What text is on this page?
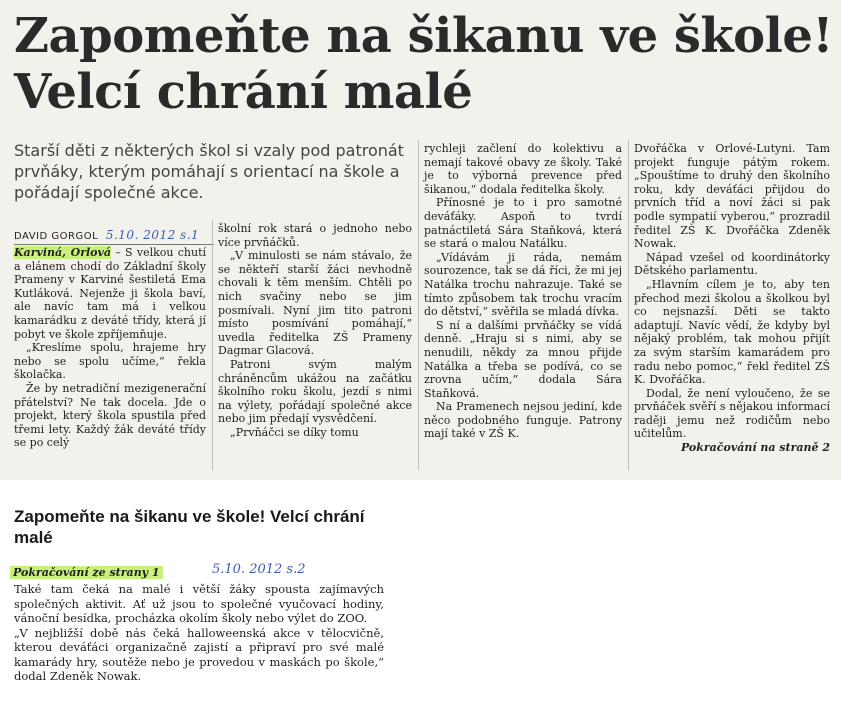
Zapomeňte na šikanu ve škole! Velcí chrání malé

Starší děti z některých škol si vzaly pod patronát prvňáky, kterým pomáhají s orientací na škole a pořádají společné akce.

DAVID GORGOL 5.10. 2012 s.1

Karviná, Orlová – S velkou chutí a elánem chodí do Základní školy Prameny v Karviné šestiletá Ema Kutláková. Nejenže ji škola baví, ale navíc tam má i velkou kamarádku z deváté třídy, která jí pobyt ve škole zpříjemňuje.

„Kreslíme spolu, hrajeme hry nebo se spolu učíme,“ řekla školačka.

Že by netradiční mezigenerační přátelství? Ne tak docela. Jde o projekt, který škola spustila před třemi lety. Každý žák deváté třídy se po celý

školní rok stará o jednoho nebo více prvňáčků.

„V minulosti se nám stávalo, že se někteří starší žáci nevhodně chovali k těm menším. Chtěli po nich svačiny nebo se jim posmívali. Nyní jim tito patroni místo posmívání pomáhají,“ uvedla ředitelka ZŠ Prameny Dagmar Glacová.

Patroni svým malým chráněncům ukážou na začátku školního roku školu, jezdí s nimi na výlety, pořádají společné akce nebo jim předají vysvědčení.

„Prvňáčci se díky tomu

rychleji začlení do kolektivu a nemají takové obavy ze školy. Také je to výborná prevence před šikanou,“ dodala ředitelka školy.

Přínosné je to i pro samotné deváťáky. Aspoň to tvrdí patnáctiletá Sára Staňková, která se stará o malou Natálku.

„Vídávám ji ráda, nemám sourozence, tak se dá říci, že mi jej Natálka trochu nahrazuje. Také se tímto způsobem tak trochu vracím do dětství,“ svěřila se mladá dívka.

S ní a dalšími prvňáčky se vídá denně. „Hraju si s nimi, aby se nenudili, někdy za mnou přijde Natálka a třeba se podívá, co se zrovna učím,“ dodala Sára Staňková.

Na Pramenech nejsou jediní, kde něco podobného funguje. Patrony mají také v ZŠ K.

Dvořáčka v Orlové-Lutyni. Tam projekt funguje pátým rokem. „Spouštíme to druhý den školního roku, kdy deváťáci přijdou do prvních tříd a noví žáci si pak podle sympatií vyberou,“ prozradil ředitel ZŠ K. Dvořáčka Zdeněk Nowak.

Nápad vzešel od koordinátorky Dětského parlamentu.

„Hlavním cílem je to, aby ten přechod mezi školou a školkou byl co nejsnazší. Děti se takto adaptují. Navíc vědí, že kdyby byl nějaký problém, tak mohou přijít za svým starším kamarádem pro radu nebo pomoc,“ řekl ředitel ZŠ K. Dvořáčka.

Dodal, že není vyloučeno, že se prvňáček svěří s nějakou informací raději jemu než rodičům nebo učitelům.

Pokračování na straně 2
Zapomeňte na šikanu ve škole! Velcí chrání malé
Pokračování ze strany 1	5.10. 2012 s.2

Také tam čeká na malé i větší žáky spousta zajímavých společných aktivit. Ať už jsou to společné vyučovací hodiny, vánoční besídka, procházka okolím školy nebo výlet do ZOO.

„V nejbližší době nás čeká halloweenská akce v tělocvičně, kterou deváťáci organizačně zajistí a připraví pro své malé kamarády hry, soutěže nebo je provedou v maskách po škole,“ dodal Zdeněk Nowak.
